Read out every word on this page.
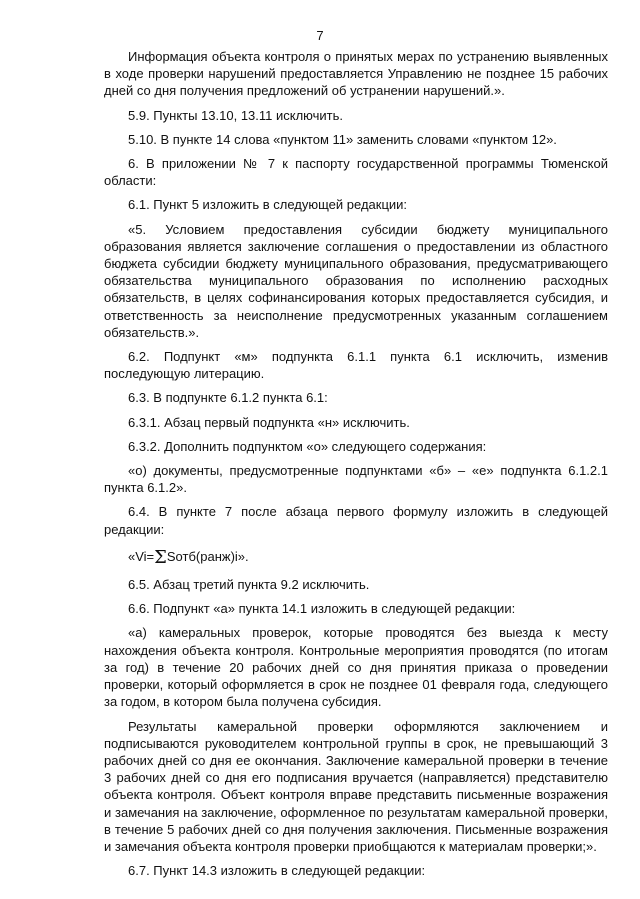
7

Информация объекта контроля о принятых мерах по устранению выявленных в ходе проверки нарушений предоставляется Управлению не позднее 15 рабочих дней со дня получения предложений об устранении нарушений.».

5.9. Пункты 13.10, 13.11 исключить.

5.10. В пункте 14 слова «пунктом 11» заменить словами «пунктом 12».

6. В приложении № 7 к паспорту государственной программы Тюменской области:

6.1. Пункт 5 изложить в следующей редакции:

«5. Условием предоставления субсидии бюджету муниципального образования является заключение соглашения о предоставлении из областного бюджета субсидии бюджету муниципального образования, предусматривающего обязательства муниципального образования по исполнению расходных обязательств, в целях софинансирования которых предоставляется субсидия, и ответственность за неисполнение предусмотренных указанным соглашением обязательств.».

6.2. Подпункт «м» подпункта 6.1.1 пункта 6.1 исключить, изменив последующую литерацию.

6.3. В подпункте 6.1.2 пункта 6.1:

6.3.1. Абзац первый подпункта «н» исключить.

6.3.2. Дополнить подпунктом «о» следующего содержания:

«о) документы, предусмотренные подпунктами «б» – «е» подпункта 6.1.2.1 пункта 6.1.2».

6.4. В пункте 7 после абзаца первого формулу изложить в следующей редакции:

«Vi=ΣSотб(ранж)i».

6.5. Абзац третий пункта 9.2 исключить.

6.6. Подпункт «а» пункта 14.1 изложить в следующей редакции:

«а) камеральных проверок, которые проводятся без выезда к месту нахождения объекта контроля. Контрольные мероприятия проводятся (по итогам за год) в течение 20 рабочих дней со дня принятия приказа о проведении проверки, который оформляется в срок не позднее 01 февраля года, следующего за годом, в котором была получена субсидия.

Результаты камеральной проверки оформляются заключением и подписываются руководителем контрольной группы в срок, не превышающий 3 рабочих дней со дня ее окончания. Заключение камеральной проверки в течение 3 рабочих дней со дня его подписания вручается (направляется) представителю объекта контроля. Объект контроля вправе представить письменные возражения и замечания на заключение, оформленное по результатам камеральной проверки, в течение 5 рабочих дней со дня получения заключения. Письменные возражения и замечания объекта контроля проверки приобщаются к материалам проверки;».

6.7. Пункт 14.3 изложить в следующей редакции:
